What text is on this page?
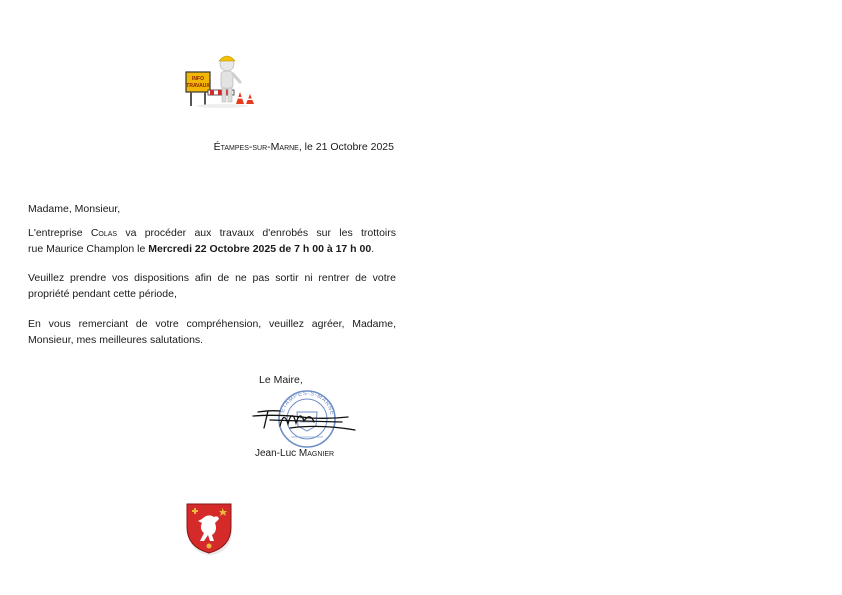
INFO
TRAVAUX
Étampes-sur-Marne, le 21 Octobre 2025
Madame, Monsieur,
L'entreprise Colas va procéder aux travaux d'enrobés sur les trottoirs
rue Maurice Champlon le Mercredi 22 Octobre 2025 de 7 h 00 à 17 h 00.
Veuillez prendre vos dispositions afin de ne pas sortir ni rentrer de votre propriété pendant cette période,
En vous remerciant de votre compréhension, veuillez agréer, Madame, Monsieur, mes meilleures salutations.
Le Maire,
ETAMPES-S-MARNE
Jean-Luc Magnier
